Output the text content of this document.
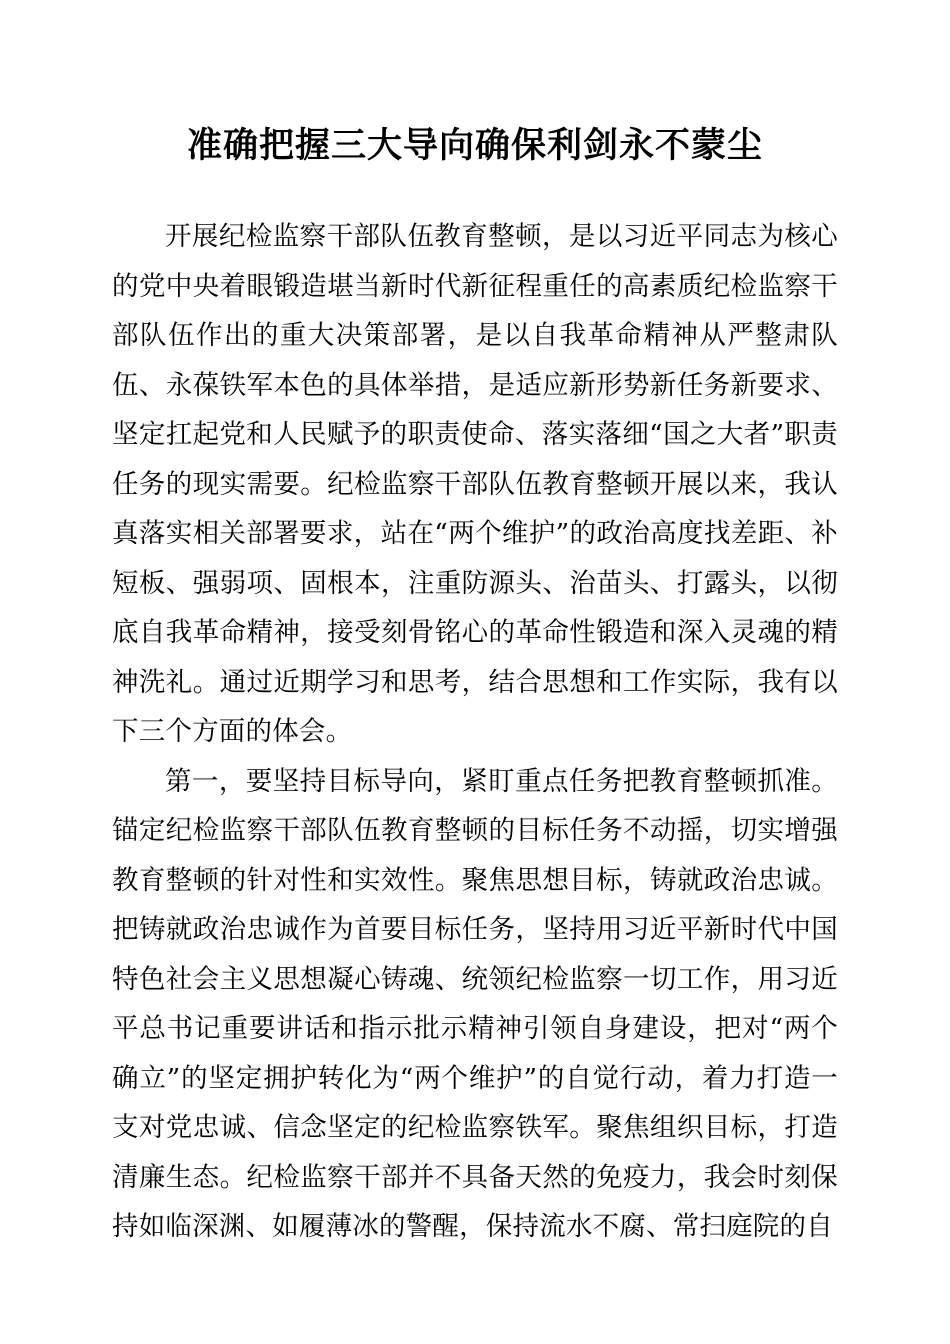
准确把握三大导向确保利剑永不蒙尘

开展纪检监察干部队伍教育整顿，是以习近平同志为核心的党中央着眼锻造堪当新时代新征程重任的高素质纪检监察干部队伍作出的重大决策部署，是以自我革命精神从严整肃队伍、永葆铁军本色的具体举措，是适应新形势新任务新要求、坚定扛起党和人民赋予的职责使命、落实落细“国之大者”职责任务的现实需要。纪检监察干部队伍教育整顿开展以来，我认真落实相关部署要求，站在“两个维护”的政治高度找差距、补短板、强弱项、固根本，注重防源头、治苗头、打露头，以彻底自我革命精神，接受刻骨铭心的革命性锻造和深入灵魂的精神洗礼。通过近期学习和思考，结合思想和工作实际，我有以下三个方面的体会。

第一，要坚持目标导向，紧盯重点任务把教育整顿抓准。锚定纪检监察干部队伍教育整顿的目标任务不动摇，切实增强教育整顿的针对性和实效性。聚焦思想目标，铸就政治忠诚。把铸就政治忠诚作为首要目标任务，坚持用习近平新时代中国特色社会主义思想凝心铸魂、统领纪检监察一切工作，用习近平总书记重要讲话和指示批示精神引领自身建设，把对“两个确立”的坚定拥护转化为“两个维护”的自觉行动，着力打造一支对党忠诚、信念坚定的纪检监察铁军。聚焦组织目标，打造清廉生态。纪检监察干部并不具备天然的免疫力，我会时刻保持如临深渊、如履薄冰的警醒，保持流水不腐、常扫庭院的自
